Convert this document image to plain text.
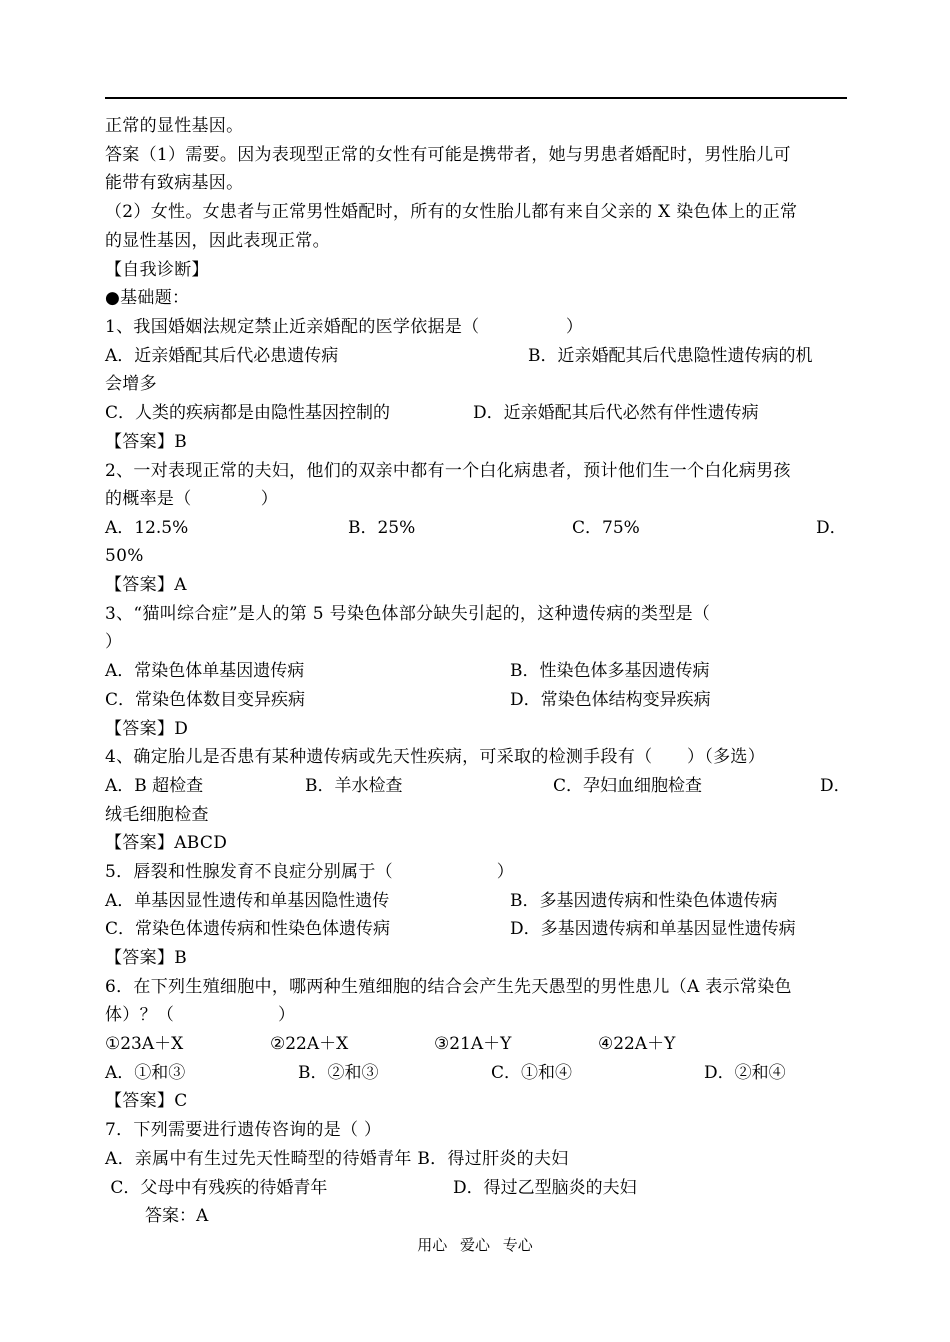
正常的显性基因。
答案（1）需要。因为表现型正常的女性有可能是携带者，她与男患者婚配时，男性胎儿可
能带有致病基因。
（2）女性。女患者与正常男性婚配时，所有的女性胎儿都有来自父亲的 X 染色体上的正常
的显性基因，因此表现正常。
【自我诊断】
●基础题：
1、我国婚姻法规定禁止近亲婚配的医学依据是（　　　　　）
A．近亲婚配其后代必患遗传病	B．近亲婚配其后代患隐性遗传病的机
会增多
C．人类的疾病都是由隐性基因控制的	D．近亲婚配其后代必然有伴性遗传病
【答案】B
2、一对表现正常的夫妇，他们的双亲中都有一个白化病患者，预计他们生一个白化病男孩
的概率是（　　　　）
A．12.5%	B．25%	C．75%	D．
50%
【答案】A
3、“猫叫综合症”是人的第 5 号染色体部分缺失引起的，这种遗传病的类型是（
）
A．常染色体单基因遗传病	B．性染色体多基因遗传病
C．常染色体数目变异疾病	D．常染色体结构变异疾病
【答案】D
4、确定胎儿是否患有某种遗传病或先天性疾病，可采取的检测手段有（　　）（多选）
A．B 超检查	B．羊水检查	C．孕妇血细胞检查	D．
绒毛细胞检查
【答案】ABCD
5．唇裂和性腺发育不良症分别属于（　　　　　　）
A．单基因显性遗传和单基因隐性遗传	B．多基因遗传病和性染色体遗传病
C．常染色体遗传病和性染色体遗传病	D．多基因遗传病和单基因显性遗传病
【答案】B
6．在下列生殖细胞中，哪两种生殖细胞的结合会产生先天愚型的男性患儿（A 表示常染色
体）？（　　　　　　）
①23A＋X	②22A＋X	③21A＋Y	④22A＋Y
A．①和③	B．②和③	C．①和④	D．②和④
【答案】C
7．下列需要进行遗传咨询的是（ ）
A．亲属中有生过先天性畸型的待婚青年 B．得过肝炎的夫妇
C．父母中有残疾的待婚青年	D．得过乙型脑炎的夫妇
答案：A
用心 爱心 专心
